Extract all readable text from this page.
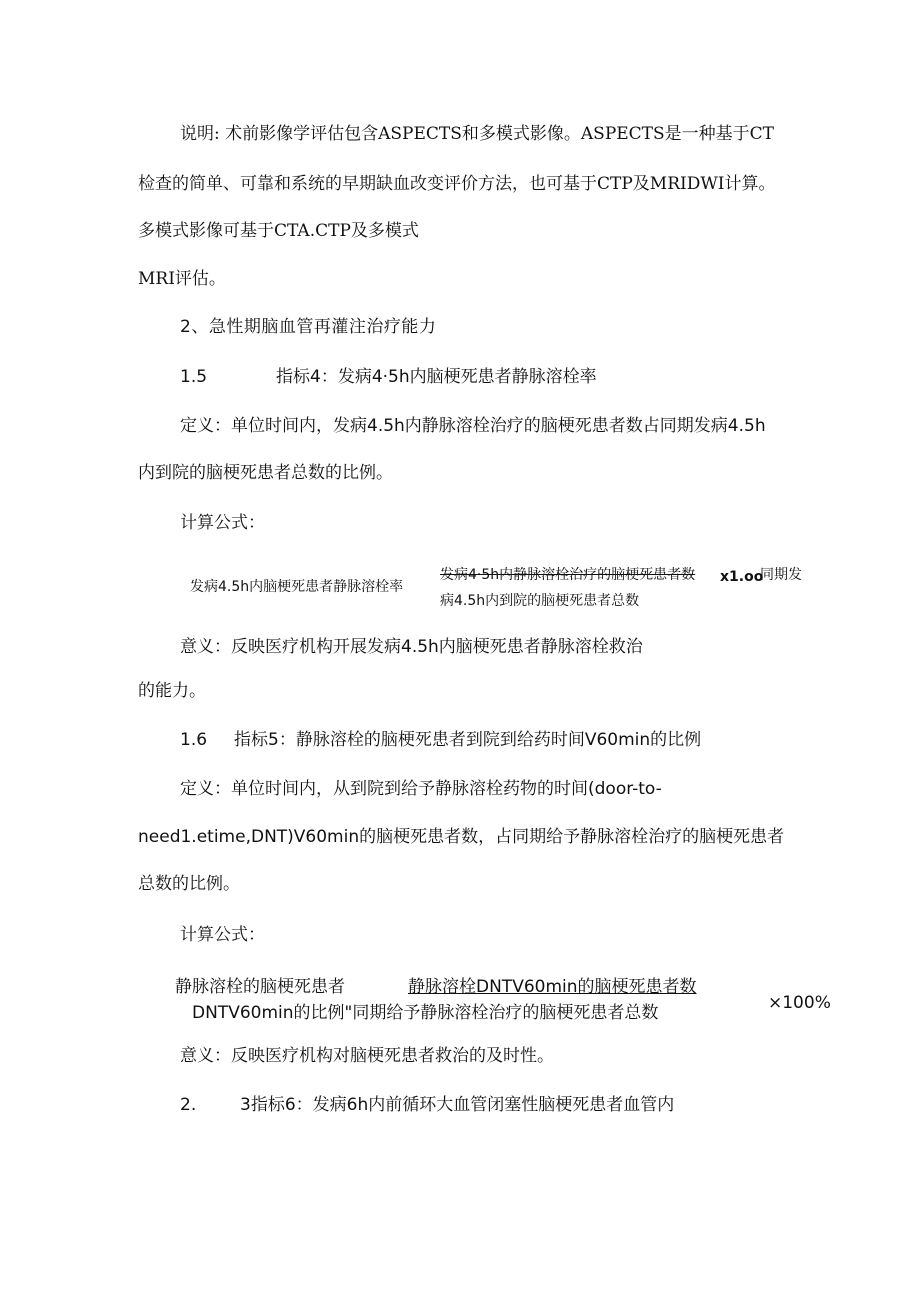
说明: 术前影像学评估包含ASPECTS和多模式影像。ASPECTS是一种基于CT
检查的简单、可靠和系统的早期缺血改变评价方法，也可基于CTP及MRIDWI计算。
多模式影像可基于CTA.CTP及多模式
MRI评估。
2、急性期脑血管再灌注治疗能力
1.5	指标4：发病4·5h内脑梗死患者静脉溶栓率
定义：单位时间内，发病4.5h内静脉溶栓治疗的脑梗死患者数占同期发病4.5h
内到院的脑梗死患者总数的比例。
计算公式：
发病4.5h内脑梗死患者静脉溶栓率
发病4·5h内静脉溶栓治疗的脑梗死患者数 x1.oo
同期发
病4.5h内到院的脑梗死患者总数
意义：反映医疗机构开展发病4.5h内脑梗死患者静脉溶栓救治
的能力。
1.6 指标5：静脉溶栓的脑梗死患者到院到给药时间V60min的比例
定义：单位时间内，从到院到给予静脉溶栓药物的时间(door-to-
need1.etime,DNT)V60min的脑梗死患者数，占同期给予静脉溶栓治疗的脑梗死患者
总数的比例。
计算公式：
静脉溶栓的脑梗死患者	静脉溶栓DNTV60min的脑梗死患者数
DNTV60min的比例"同期给予静脉溶栓治疗的脑梗死患者总数	×100%
意义：反映医疗机构对脑梗死患者救治的及时性。
2.	3指标6：发病6h内前循环大血管闭塞性脑梗死患者血管内
